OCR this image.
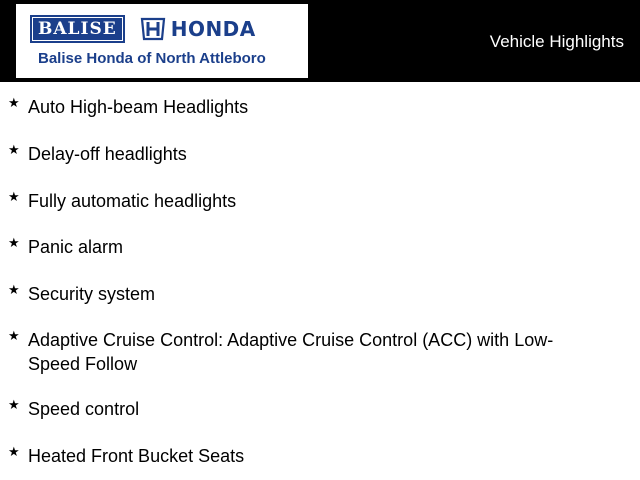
BALISE	HONDA
Balise Honda of North Attleboro
Vehicle Highlights
★ Auto High-beam Headlights
★ Delay-off headlights
★ Fully automatic headlights
★ Panic alarm
★ Security system
★ Adaptive Cruise Control: Adaptive Cruise Control (ACC) with Low-Speed Follow
★ Speed control
★ Heated Front Bucket Seats
